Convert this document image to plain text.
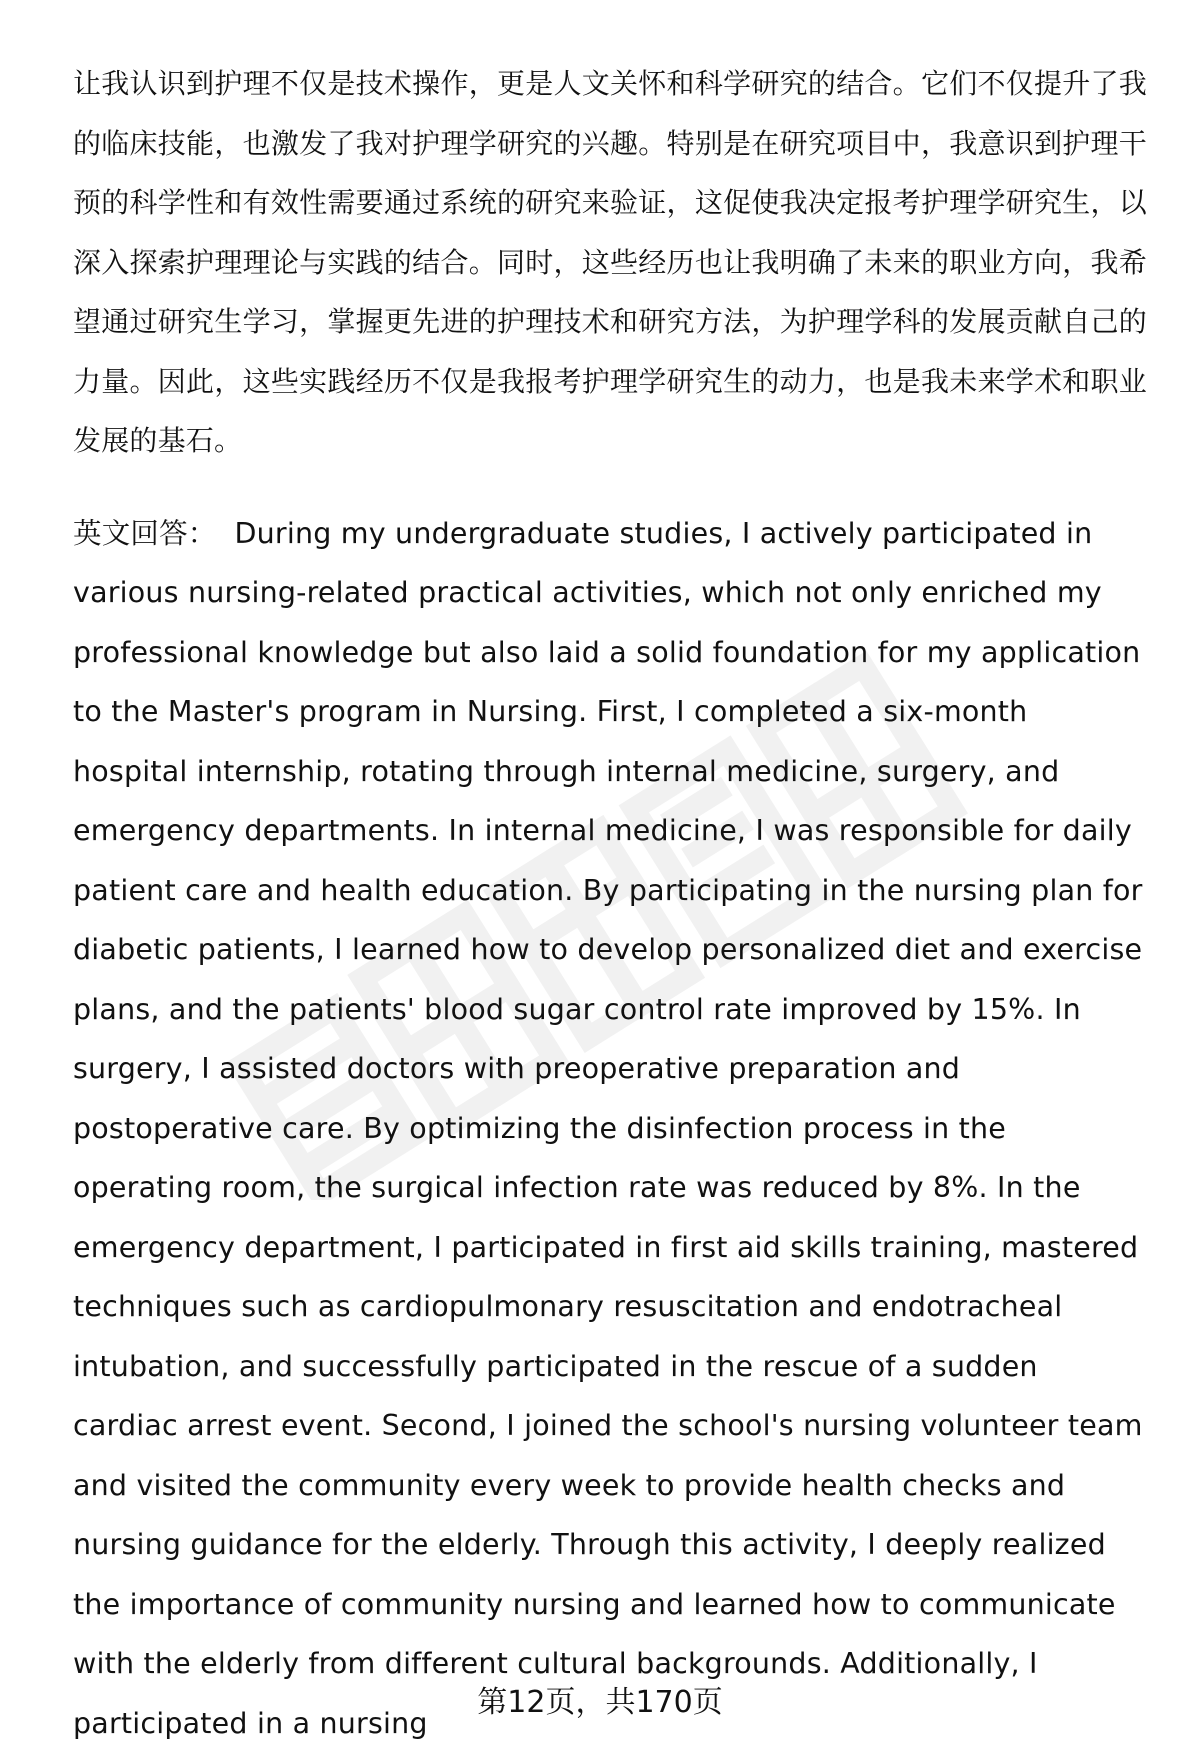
让我认识到护理不仅是技术操作，更是人文关怀和科学研究的结合。它们不仅提升了我的临床技能，也激发了我对护理学研究的兴趣。特别是在研究项目中，我意识到护理干预的科学性和有效性需要通过系统的研究来验证，这促使我决定报考护理学研究生，以深入探索护理理论与实践的结合。同时，这些经历也让我明确了未来的职业方向，我希望通过研究生学习，掌握更先进的护理技术和研究方法，为护理学科的发展贡献自己的力量。因此，这些实践经历不仅是我报考护理学研究生的动力，也是我未来学术和职业发展的基石。

英文回答： During my undergraduate studies, I actively participated in various nursing-related practical activities, which not only enriched my professional knowledge but also laid a solid foundation for my application to the Master's program in Nursing. First, I completed a six-month hospital internship, rotating through internal medicine, surgery, and emergency departments. In internal medicine, I was responsible for daily patient care and health education. By participating in the nursing plan for diabetic patients, I learned how to develop personalized diet and exercise plans, and the patients' blood sugar control rate improved by 15%. In surgery, I assisted doctors with preoperative preparation and postoperative care. By optimizing the disinfection process in the operating room, the surgical infection rate was reduced by 8%. In the emergency department, I participated in first aid skills training, mastered techniques such as cardiopulmonary resuscitation and endotracheal intubation, and successfully participated in the rescue of a sudden cardiac arrest event. Second, I joined the school's nursing volunteer team and visited the community every week to provide health checks and nursing guidance for the elderly. Through this activity, I deeply realized the importance of community nursing and learned how to communicate with the elderly from different cultural backgrounds. Additionally, I participated in a nursing

第12页，共170页
